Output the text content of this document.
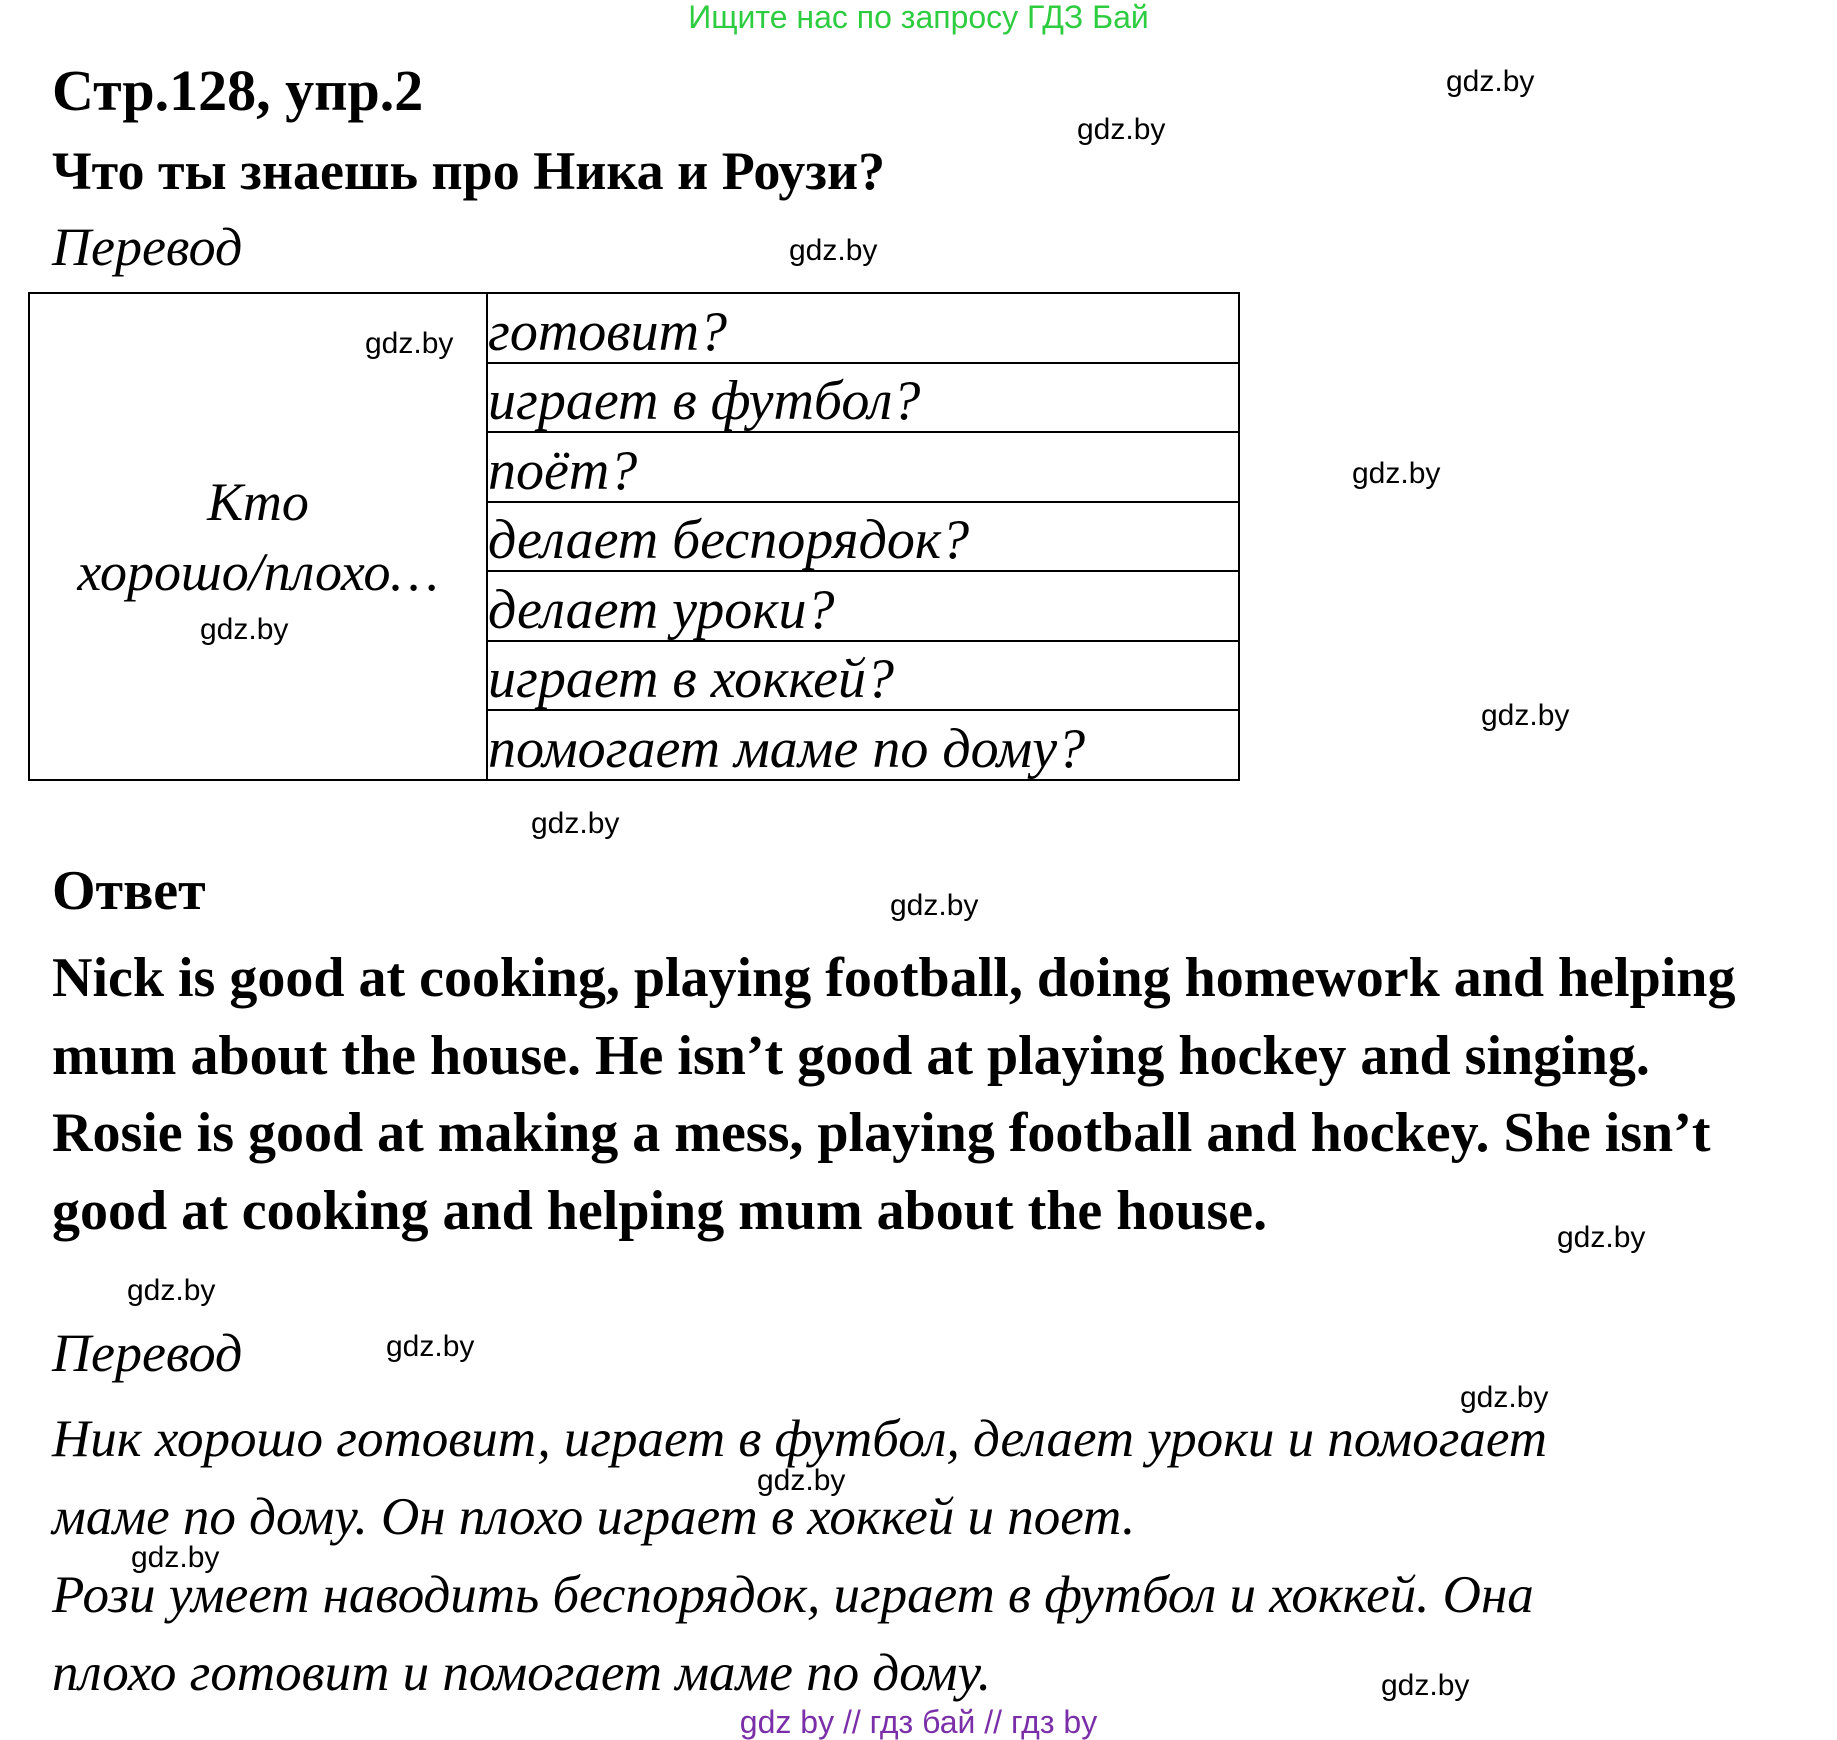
Ищите нас по запросу ГДЗ Бай
Стр.128, упр.2
Что ты знаешь про Ника и Роузи?
Перевод
Кто
хорошо/плохо…
	готовит?
играет в футбол?
поёт?
делает беспорядок?
делает уроки?
играет в хоккей?
помогает маме по дому?
Ответ
Nick is good at cooking, playing football, doing homework and helping
mum about the house. He isn’t good at playing hockey and singing.
Rosie is good at making a mess, playing football and hockey. She isn’t
good at cooking and helping mum about the house.
Перевод
Ник хорошо готовит, играет в футбол, делает уроки и помогает
маме по дому. Он плохо играет в хоккей и поет.
Рози умеет наводить беспорядок, играет в футбол и хоккей. Она
плохо готовит и помогает маме по дому.
gdz.by
gdz.by
gdz.by
gdz.by
gdz.by
gdz.by
gdz.by
gdz.by
gdz.by
gdz.by
gdz.by
gdz.by
gdz.by
gdz.by
gdz.by
gdz.by
gdz by // гдз бай // гдз by
